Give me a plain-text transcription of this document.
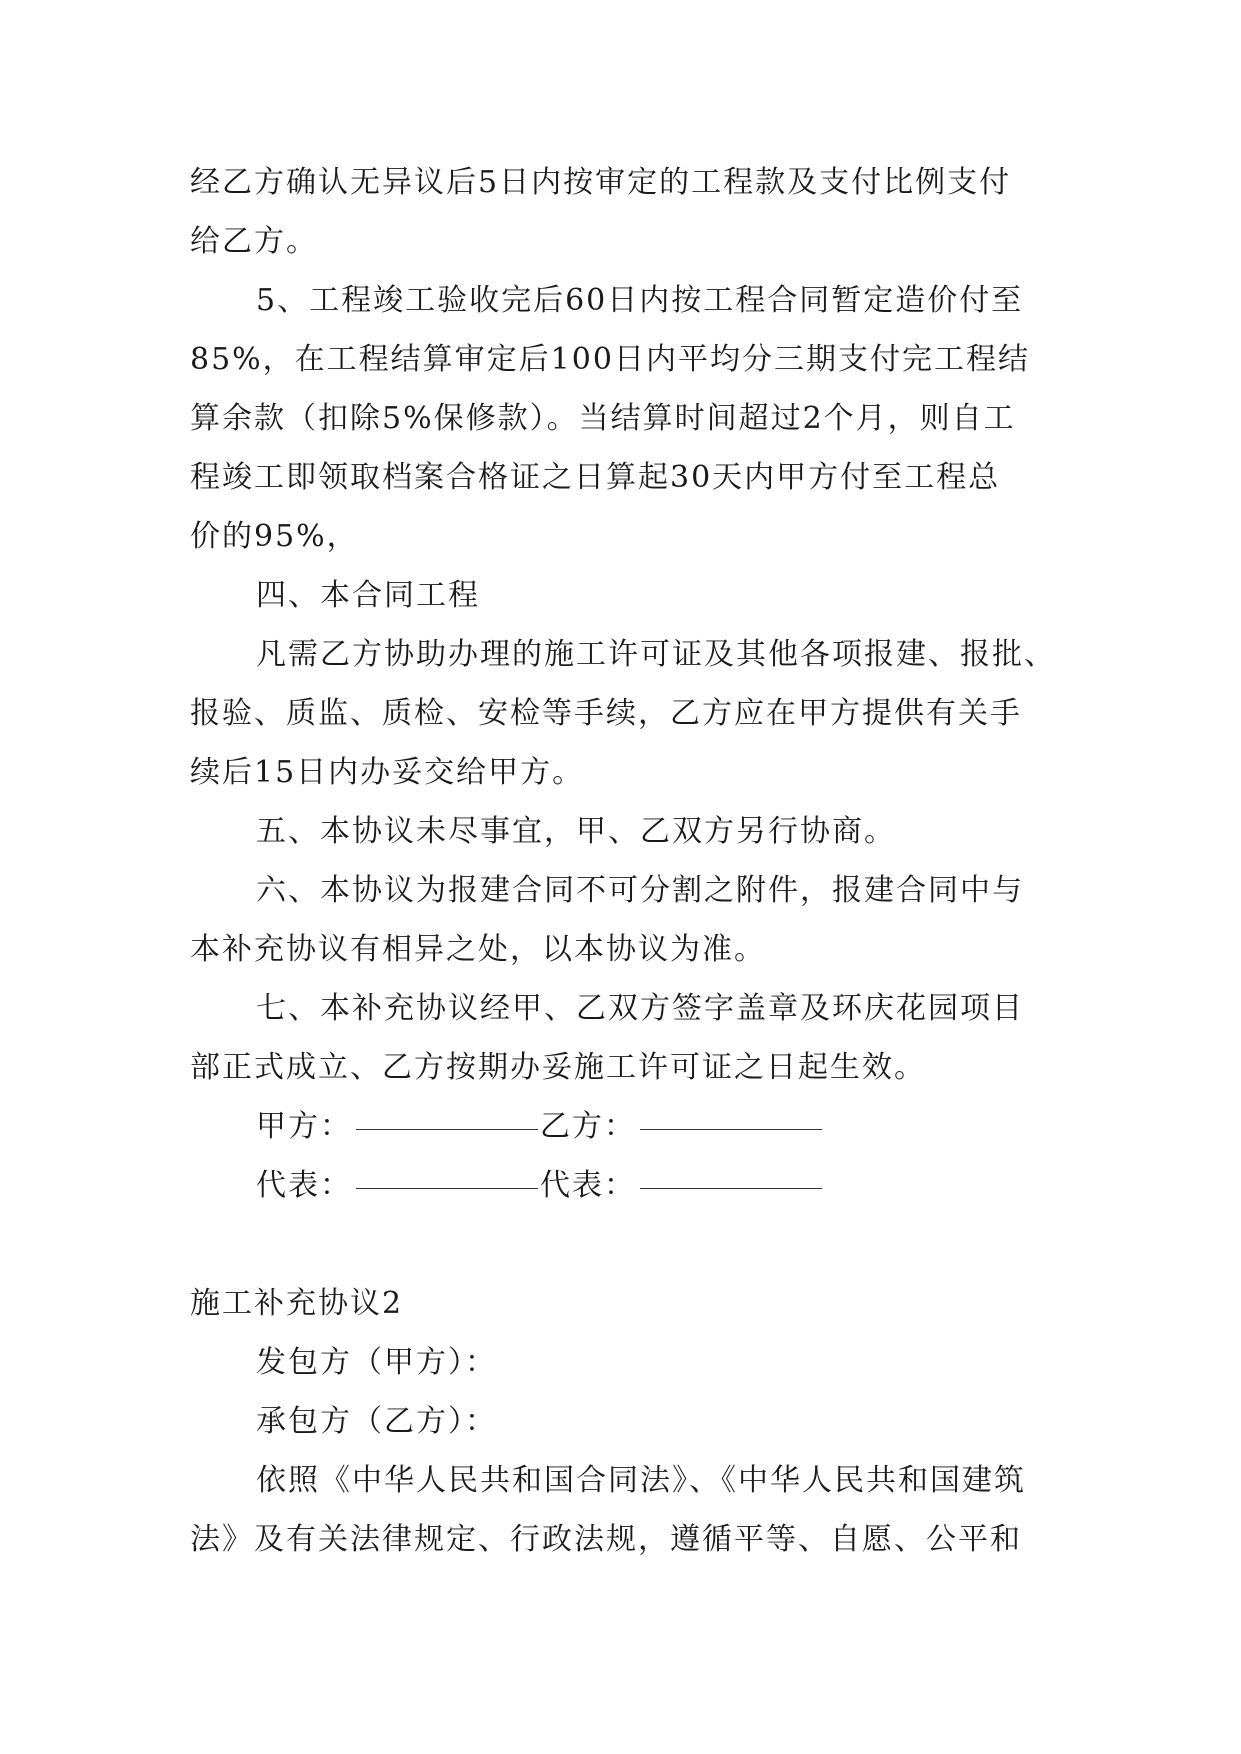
经乙方确认无异议后5日内按审定的工程款及支付比例支付
给乙方。
5、工程竣工验收完后60日内按工程合同暂定造价付至
85%，在工程结算审定后100日内平均分三期支付完工程结
算余款（扣除5%保修款）。当结算时间超过2个月，则自工
程竣工即领取档案合格证之日算起30天内甲方付至工程总
价的95%，
四、本合同工程
凡需乙方协助办理的施工许可证及其他各项报建、报批、
报验、质监、质检、安检等手续，乙方应在甲方提供有关手
续后15日内办妥交给甲方。
五、本协议未尽事宜，甲、乙双方另行协商。
六、本协议为报建合同不可分割之附件，报建合同中与
本补充协议有相异之处，以本协议为准。
七、本补充协议经甲、乙双方签字盖章及环庆花园项目
部正式成立、乙方按期办妥施工许可证之日起生效。
甲方：	乙方：
代表：	代表：
施工补充协议2
发包方（甲方）：
承包方（乙方）：
依照《中华人民共和国合同法》、《中华人民共和国建筑
法》及有关法律规定、行政法规，遵循平等、自愿、公平和
